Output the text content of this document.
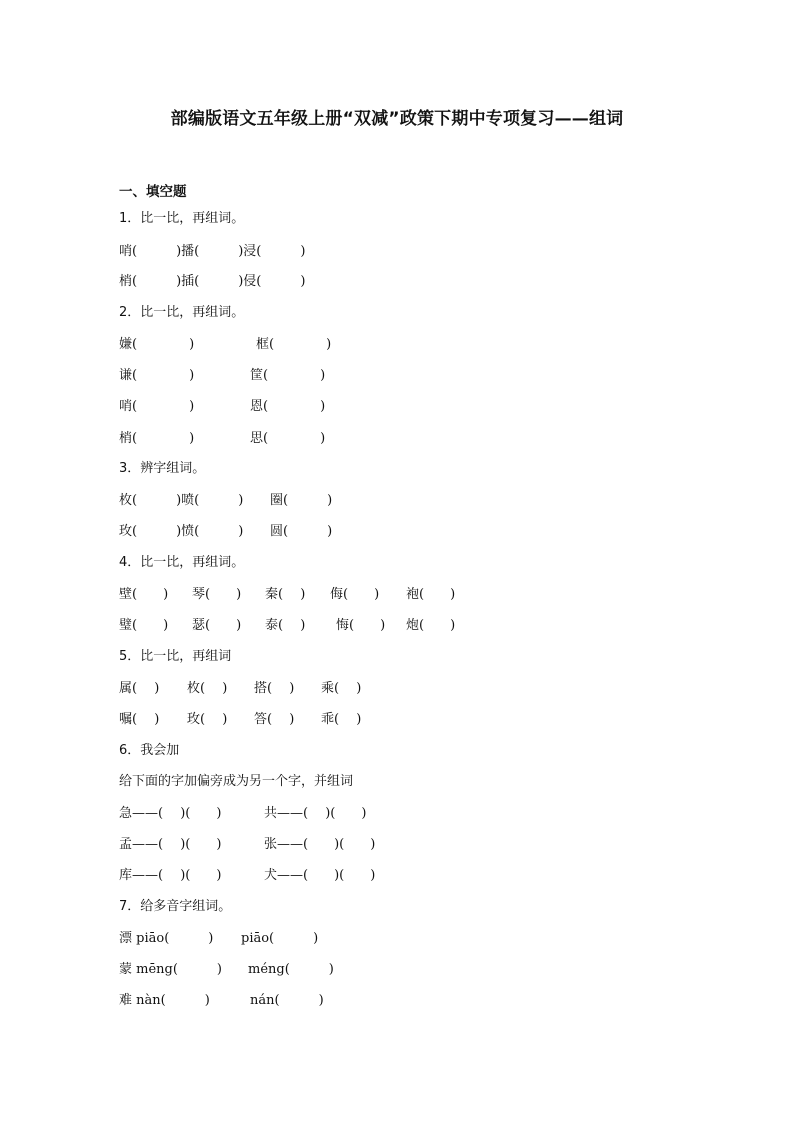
部编版语文五年级上册“双减”政策下期中专项复习——组词
一、填空题
1．比一比，再组词。
哨(　　　)播(　　　)浸(　　　)
梢(　　　)插(　　　)侵(　　　)
2．比一比，再组词。
嫌(　　　　)	框(　　　　)
谦(　　　　)	筐(　　　　)
哨(　　　　)	恩(　　　　)
梢(　　　　)	思(　　　　)
3．辨字组词。
枚(　　　)喷(　　　) 圈(　　　)
玫(　　　)愤(　　　) 圆(　　　)
4．比一比，再组词。
壁(　　) 琴(　　) 秦(　 ) 侮(　　) 袍(　　)
璧(　　) 瑟(　　) 泰(　 ) 悔(　　) 炮(　　)
5．比一比，再组词
属(　 ) 枚(　 ) 搭(　 ) 乘(　 )
嘱(　 ) 玫(　 ) 答(　 ) 乖(　 )
6．我会加
给下面的字加偏旁成为另一个字，并组词
急——(　 )(　　)	共——(　 )(　　)
孟——(　 )(　　)	张——(　　)(　　)
库——(　 )(　　)	犬——(　　)(　　)
7．给多音字组词。
漂 piāo(　　　) piāo(　　　)
蒙 mēng(　　　) méng(　　　)
难 nàn(　　　)	nán(　　　)
